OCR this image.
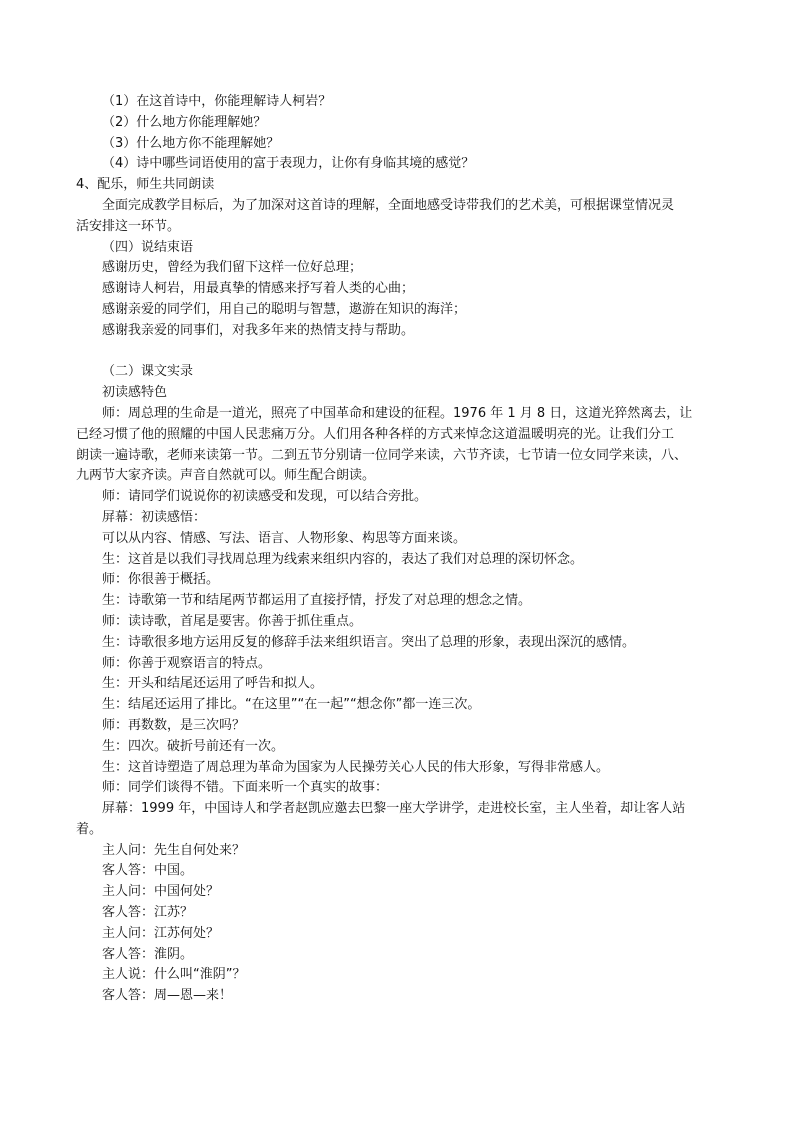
（1）在这首诗中，你能理解诗人柯岩？
（2）什么地方你能理解她？
（3）什么地方你不能理解她？
（4）诗中哪些词语使用的富于表现力，让你有身临其境的感觉？
4、配乐，师生共同朗读
全面完成教学目标后，为了加深对这首诗的理解，全面地感受诗带我们的艺术美，可根据课堂情况灵
活安排这一环节。
（四）说结束语
感谢历史，曾经为我们留下这样一位好总理；
感谢诗人柯岩，用最真挚的情感来抒写着人类的心曲；
感谢亲爱的同学们，用自己的聪明与智慧，遨游在知识的海洋；
感谢我亲爱的同事们，对我多年来的热情支持与帮助。
（二）课文实录
初读感特色
师：周总理的生命是一道光，照亮了中国革命和建设的征程。1976 年 1 月 8 日，这道光猝然离去，让
已经习惯了他的照耀的中国人民悲痛万分。人们用各种各样的方式来悼念这道温暖明亮的光。让我们分工
朗读一遍诗歌，老师来读第一节。二到五节分别请一位同学来读，六节齐读，七节请一位女同学来读，八、
九两节大家齐读。声音自然就可以。师生配合朗读。
师：请同学们说说你的初读感受和发现，可以结合旁批。
屏幕：初读感悟：
可以从内容、情感、写法、语言、人物形象、构思等方面来谈。
生：这首是以我们寻找周总理为线索来组织内容的，表达了我们对总理的深切怀念。
师：你很善于概括。
生：诗歌第一节和结尾两节都运用了直接抒情，抒发了对总理的想念之情。
师：读诗歌，首尾是要害。你善于抓住重点。
生：诗歌很多地方运用反复的修辞手法来组织语言。突出了总理的形象，表现出深沉的感情。
师：你善于观察语言的特点。
生：开头和结尾还运用了呼告和拟人。
生：结尾还运用了排比。“在这里”“在一起”“想念你”都一连三次。
师：再数数，是三次吗？
生：四次。破折号前还有一次。
生：这首诗塑造了周总理为革命为国家为人民操劳关心人民的伟大形象，写得非常感人。
师：同学们谈得不错。下面来听一个真实的故事：
屏幕：1999 年，中国诗人和学者赵凯应邀去巴黎一座大学讲学，走进校长室，主人坐着，却让客人站
着。
主人问：先生自何处来？
客人答：中国。
主人问：中国何处？
客人答：江苏？
主人问：江苏何处？
客人答：淮阴。
主人说：什么叫“淮阴”？
客人答：周—恩—来！
